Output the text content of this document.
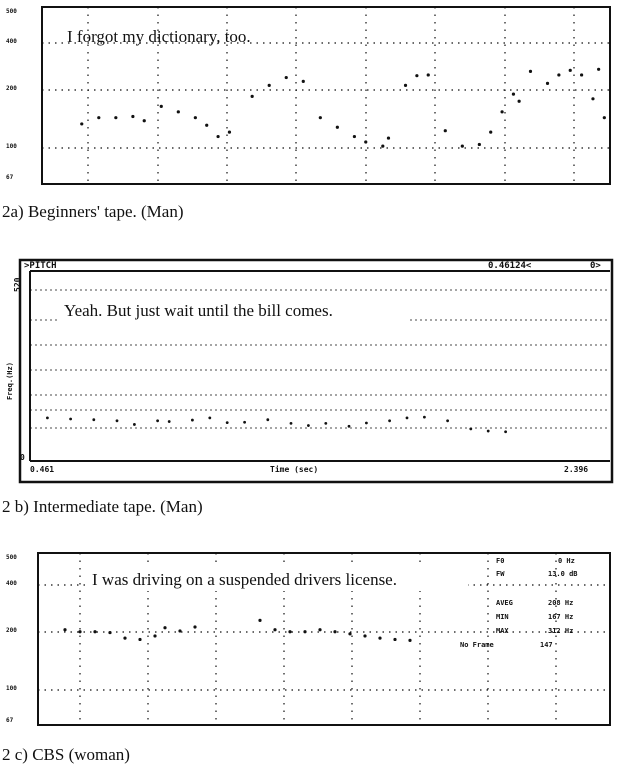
500
400
200
100
67
I forgot my dictionary, too.
2a) Beginners' tape. (Man)
>PITCH	0.46124<	0>
520
Freq.(Hz)
0
0.461	Time (sec)	2.396
Yeah. But just wait until the bill comes.
2 b) Intermediate tape. (Man)
500
400
200
100
67
I was driving on a suspended drivers license.
F0	0 Hz
FW	13.0 dB
AVEG	208 Hz
MIN	167 Hz
MAX	312 Hz
No Frame	147
2 c) CBS (woman)
